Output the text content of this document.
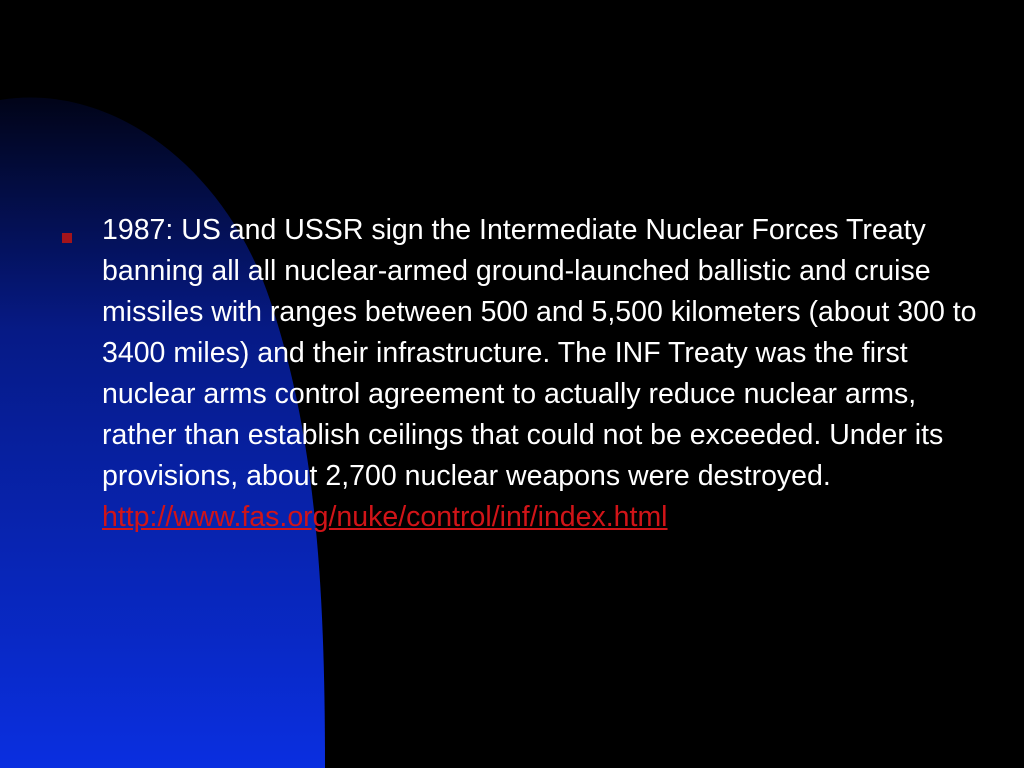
1987: US and USSR sign the Intermediate Nuclear Forces Treaty banning all all nuclear-armed ground-launched ballistic and cruise missiles with ranges between 500 and 5,500 kilometers (about 300 to 3400 miles) and their infrastructure. The INF Treaty was the first nuclear arms control agreement to actually reduce nuclear arms, rather than establish ceilings that could not be exceeded. Under its provisions, about 2,700 nuclear weapons were destroyed. http://www.fas.org/nuke/control/inf/index.html
